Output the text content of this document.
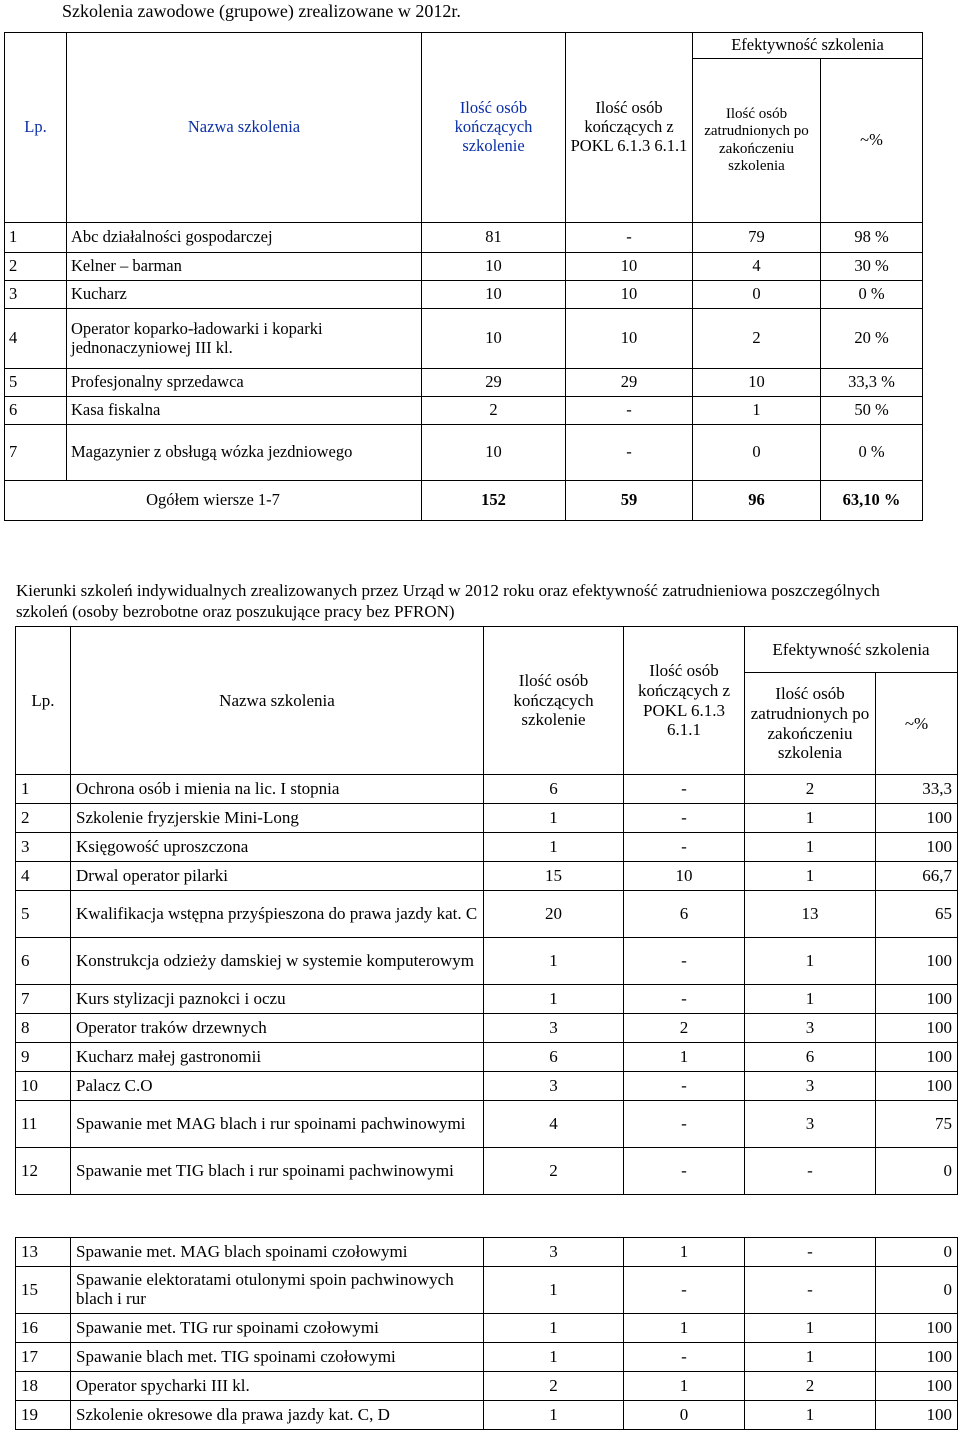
Szkolenia zawodowe (grupowe) zrealizowane w 2012r.
Lp.	Nazwa szkolenia	Ilość osób kończących szkolenie	Ilość osób kończących z POKL 6.1.3 6.1.1	Efektywność szkolenia	
				Ilość osób zatrudnionych po zakończeniu szkolenia	~%
1	Abc działalności gospodarczej	81	-	79	98 %
2	Kelner – barman	10	10	4	30 %
3	Kucharz	10	10	0	0 %
4	Operator koparko-ładowarki i koparki jednonaczyniowej III kl.	10	10	2	20 %
5	Profesjonalny sprzedawca	29	29	10	33,3 %
6	Kasa fiskalna	2	-	1	50 %
7	Magazynier z obsługą wózka jezdniowego	10	-	0	0 %
Ogółem wiersze 1-7		152	59	96	63,10 %
Kierunki szkoleń indywidualnych zrealizowanych przez Urząd w 2012 roku oraz efektywność zatrudnieniowa poszczególnych szkoleń (osoby bezrobotne oraz poszukujące pracy bez PFRON)
Lp.	Nazwa szkolenia	Ilość osób kończących szkolenie	Ilość osób kończących z POKL 6.1.3 6.1.1	Efektywność szkolenia	
				Ilość osób zatrudnionych po zakończeniu szkolenia	~%
1	Ochrona osób i mienia na lic. I stopnia	6	-	2	33,3
2	Szkolenie fryzjerskie Mini-Long	1	-	1	100
3	Księgowość uproszczona	1	-	1	100
4	Drwal operator pilarki	15	10	1	66,7
5	Kwalifikacja wstępna przyśpieszona do prawa jazdy kat. C	20	6	13	65
6	Konstrukcja odzieży damskiej w systemie komputerowym	1	-	1	100
7	Kurs stylizacji paznokci i oczu	1	-	1	100
8	Operator traków drzewnych	3	2	3	100
9	Kucharz małej gastronomii	6	1	6	100
10	Palacz C.O	3	-	3	100
11	Spawanie met MAG blach i rur spoinami pachwinowymi	4	-	3	75
12	Spawanie met TIG blach i rur spoinami pachwinowymi	2	-	-	0
13	Spawanie met. MAG blach spoinami czołowymi	3	1	-	0
15	Spawanie elektoratami otulonymi spoin pachwinowych blach i rur	1	-	-	0
16	Spawanie met. TIG rur spoinami czołowymi	1	1	1	100
17	Spawanie blach met. TIG spoinami czołowymi	1	-	1	100
18	Operator spycharki III kl.	2	1	2	100
19	Szkolenie okresowe dla prawa jazdy kat. C, D	1	0	1	100
